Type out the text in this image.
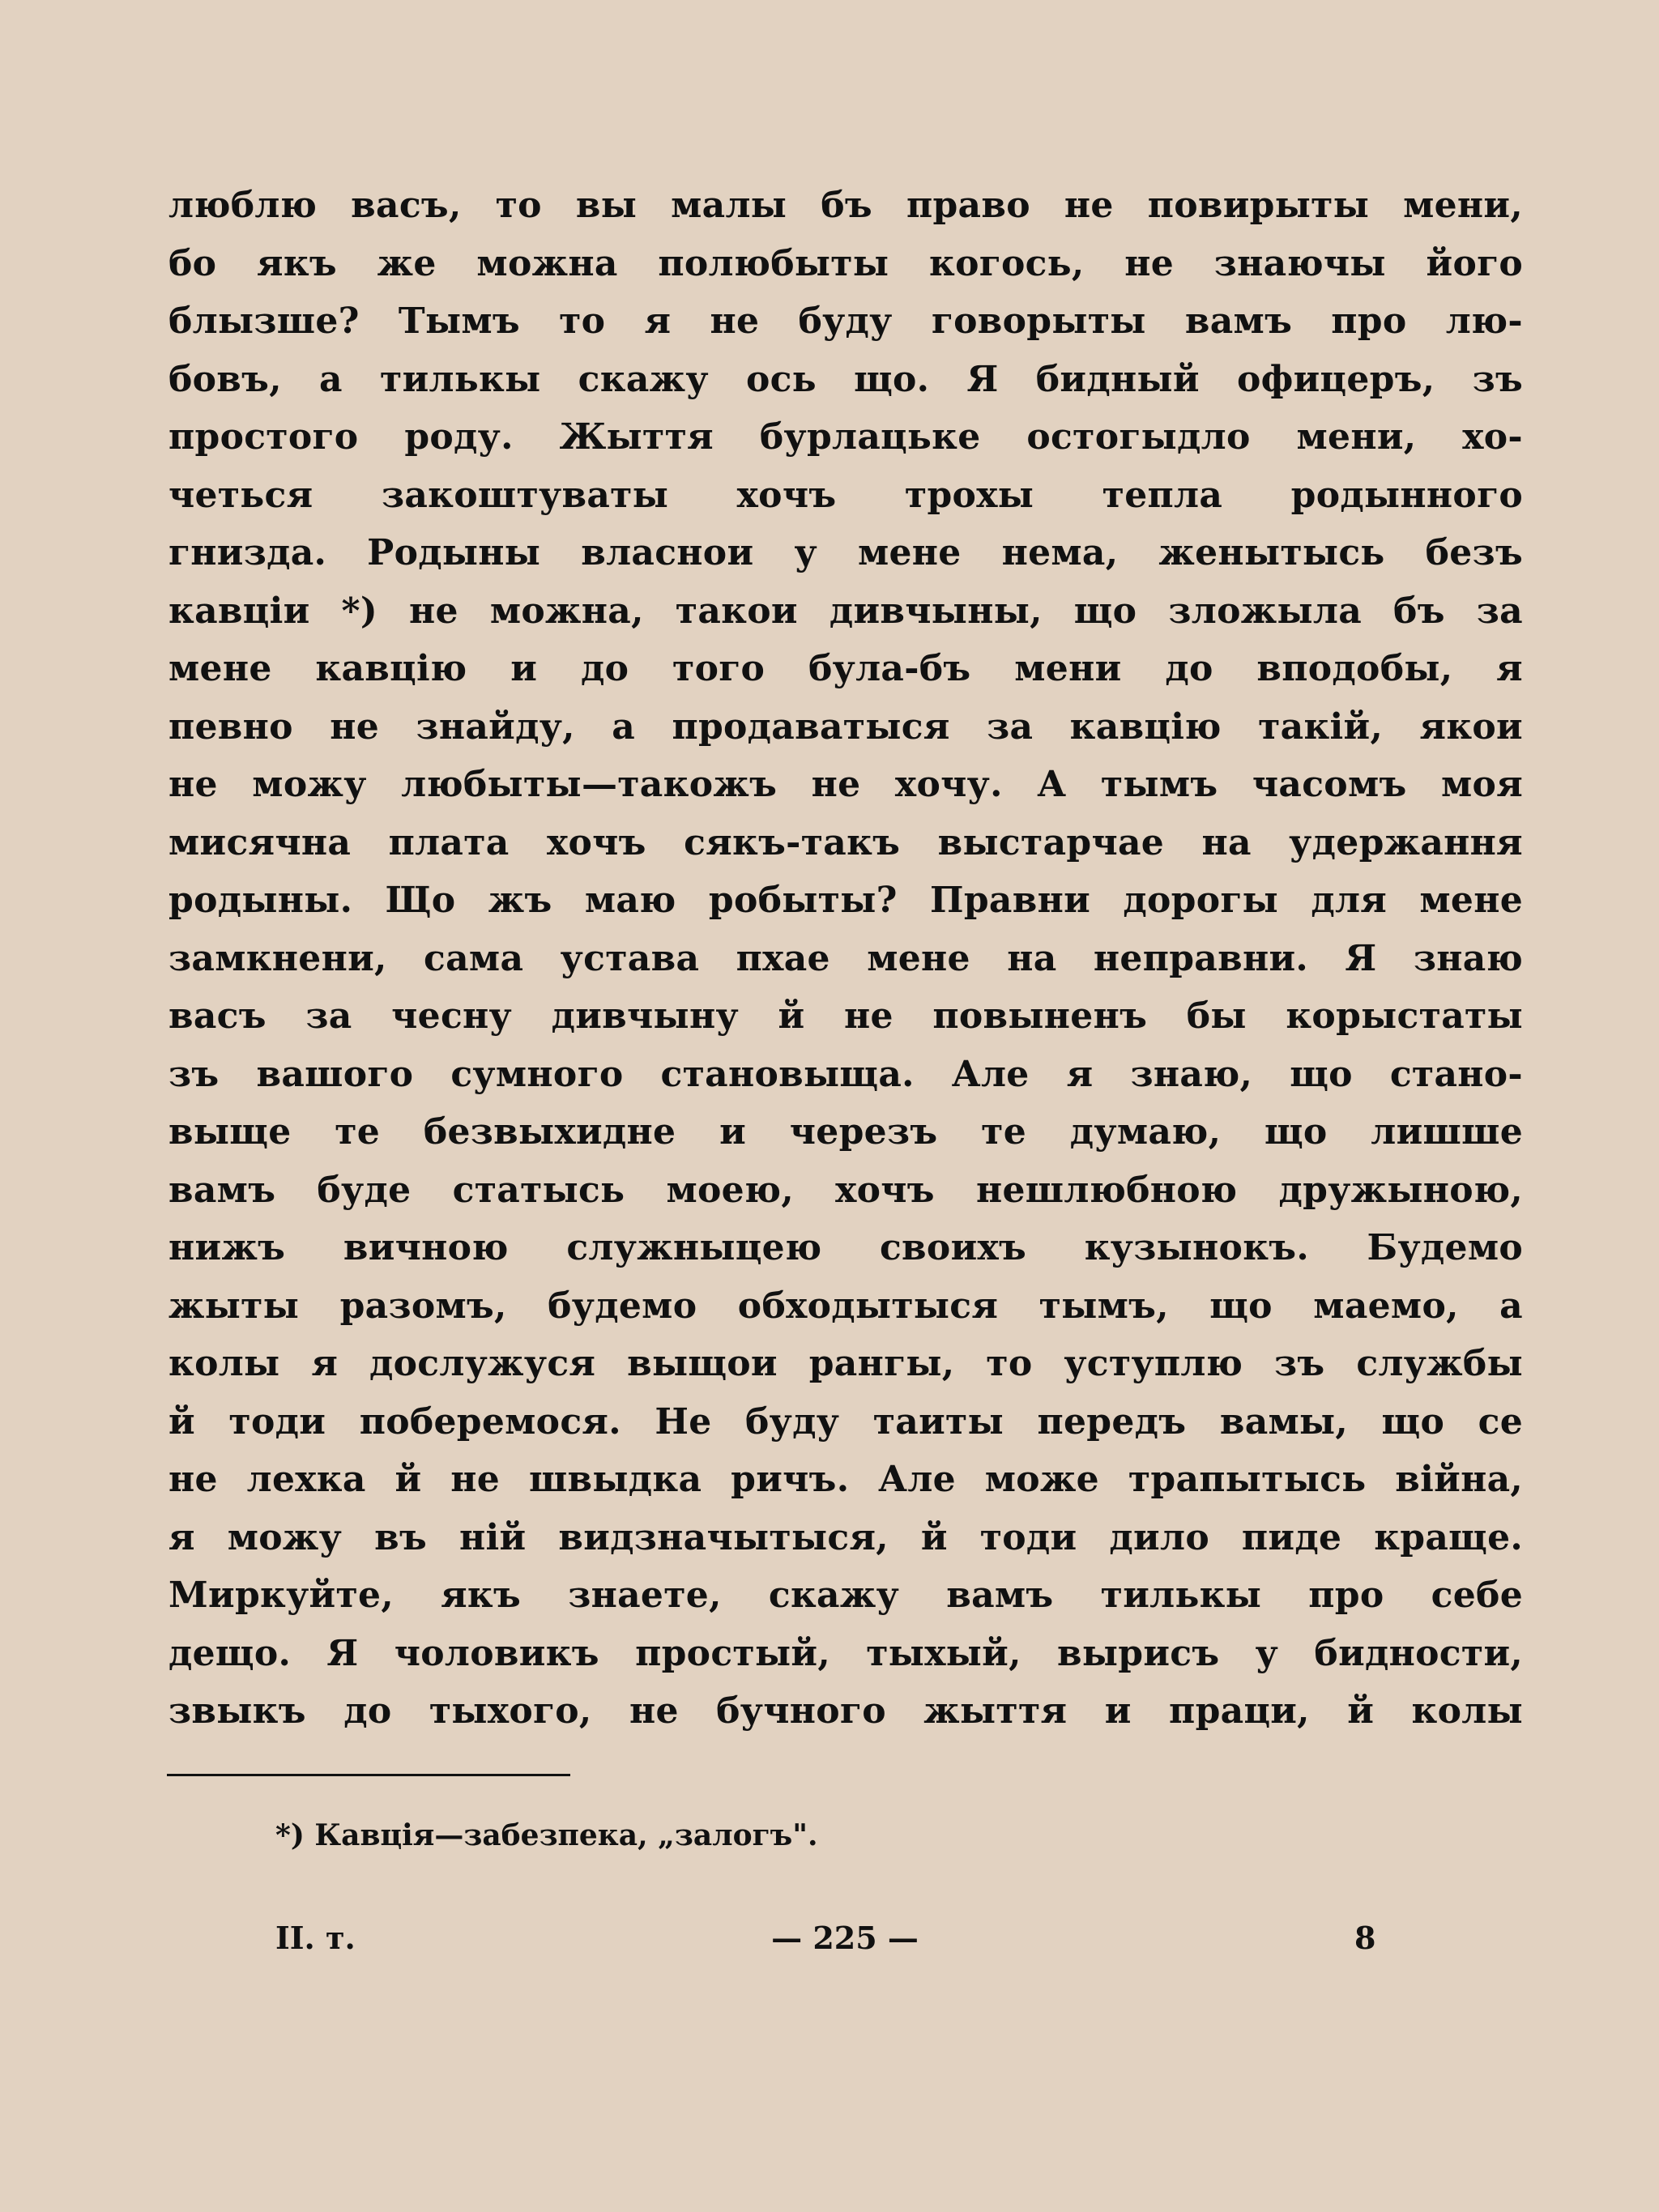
люблю васъ, то вы малы бъ право не повирыты мени,
бо якъ же можна полюбыты когось, не знаючы його
блызше? Тымъ то я не буду говорыты вамъ про лю-
бовъ, а тилькы скажу ось що. Я бидный офицеръ, зъ
простого роду. Жыття бурлацьке остогыдло мени, хо-
четься закоштуваты хочъ трохы тепла родынного
гнизда. Родыны власнои у мене нема, женытысь безъ
кавціи *) не можна, такои дивчыны, що зложыла бъ за
мене кавцію и до того була-бъ мени до вподобы, я
певно не знайду, а продаватыся за кавцію такій, якои
не можу любыты—такожъ не хочу. А тымъ часомъ моя
мисячна плата хочъ сякъ-такъ выстарчае на удержання
родыны. Що жъ маю робыты? Правни дорогы для мене
замкнени, сама устава пхае мене на неправни. Я знаю
васъ за чесну дивчыну й не повыненъ бы корыстаты
зъ вашого сумного становыща. Але я знаю, що стано-
выще те безвыхидне и черезъ те думаю, що лишше
вамъ буде статысь моею, хочъ нешлюбною дружыною,
нижъ вичною служныцею своихъ кузынокъ. Будемо
жыты разомъ, будемо обходытыся тымъ, що маемо, а
колы я дослужуся выщои рангы, то уступлю зъ службы
й тоди поберемося. Не буду таиты передъ вамы, що се
не лехка й не швыдка ричъ. Але може трапытысь війна,
я можу въ ній видзначытыся, й тоди дило пиде краще.
Миркуйте, якъ знаете, скажу вамъ тилькы про себе
дещо. Я чоловикъ простый, тыхый, вырисъ у бидности,
звыкъ до тыхого, не бучного жыття и праци, й колы
*) Кавція—забезпека, „залогъ".
II. т.	— 225 —	8
